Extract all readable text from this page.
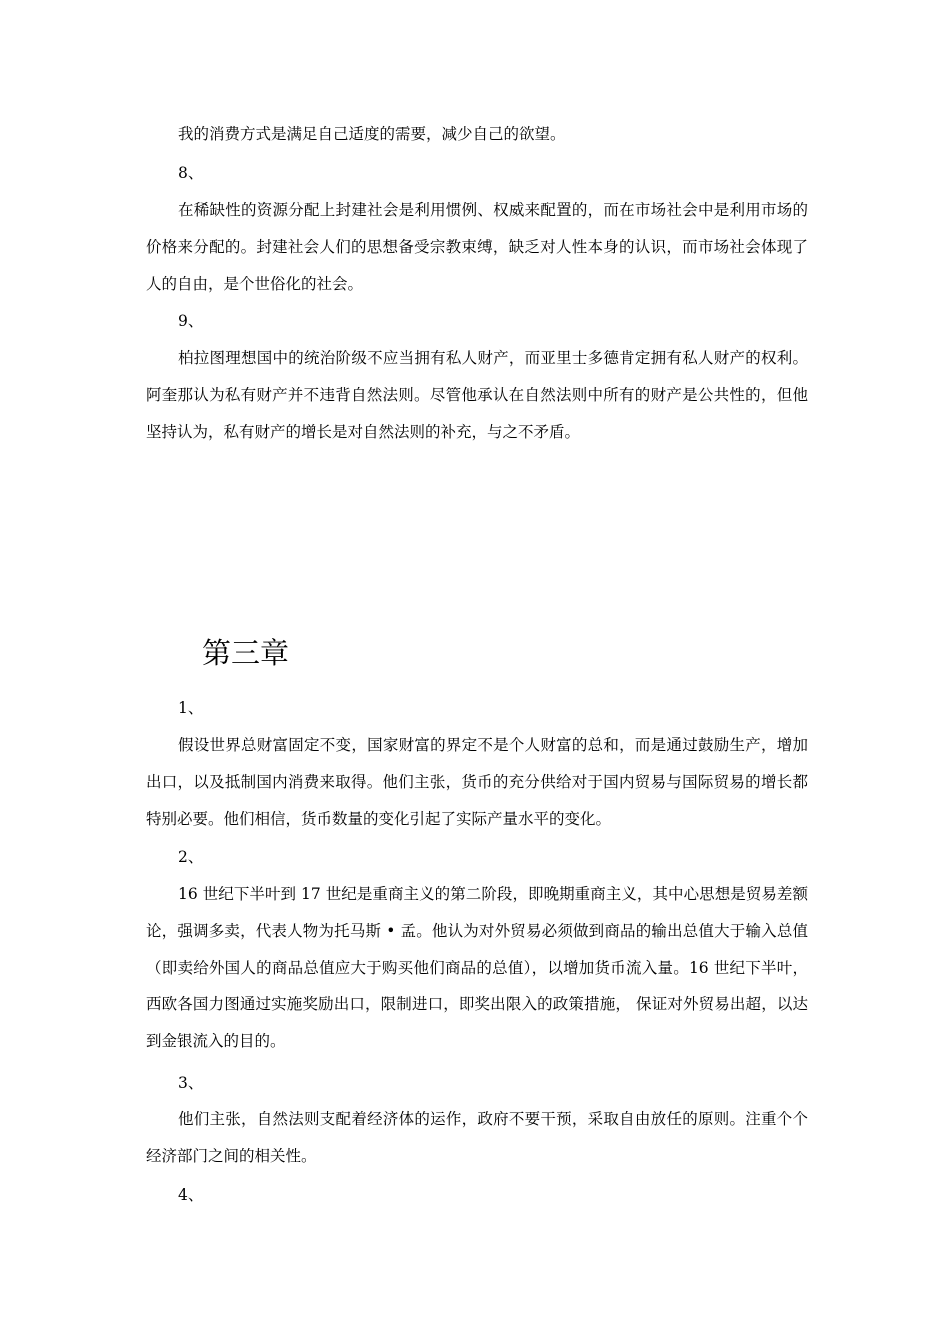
我的消费方式是满足自己适度的需要，减少自己的欲望。

8、

在稀缺性的资源分配上封建社会是利用惯例、权威来配置的，而在市场社会中是利用市场的价格来分配的。封建社会人们的思想备受宗教束缚，缺乏对人性本身的认识，而市场社会体现了人的自由，是个世俗化的社会。

9、

柏拉图理想国中的统治阶级不应当拥有私人财产，而亚里士多德肯定拥有私人财产的权利。阿奎那认为私有财产并不违背自然法则。尽管他承认在自然法则中所有的财产是公共性的，但他坚持认为，私有财产的增长是对自然法则的补充，与之不矛盾。

第三章
1、

假设世界总财富固定不变，国家财富的界定不是个人财富的总和，而是通过鼓励生产，增加出口，以及抵制国内消费来取得。他们主张，货币的充分供给对于国内贸易与国际贸易的增长都特别必要。他们相信，货币数量的变化引起了实际产量水平的变化。

2、

16 世纪下半叶到 17 世纪是重商主义的第二阶段，即晚期重商主义，其中心思想是贸易差额论，强调多卖，代表人物为托马斯 • 孟。他认为对外贸易必须做到商品的输出总值大于输入总值（即卖给外国人的商品总值应大于购买他们商品的总值），以增加货币流入量。16 世纪下半叶，西欧各国力图通过实施奖励出口，限制进口，即奖出限入的政策措施， 保证对外贸易出超，以达到金银流入的目的。

3、

他们主张，自然法则支配着经济体的运作，政府不要干预，采取自由放任的原则。注重个个经济部门之间的相关性。

4、
